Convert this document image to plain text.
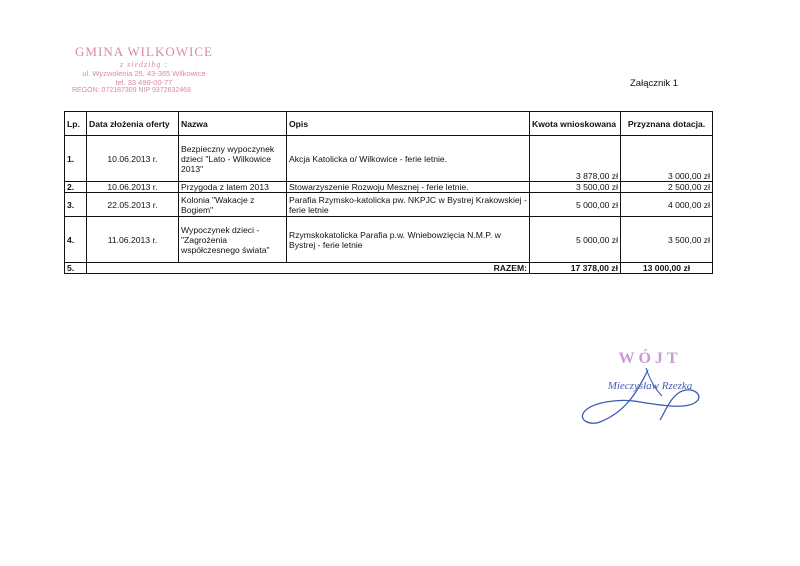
GMINA WILKOWICE
z siedzibą :
ul. Wyzwolenia 25, 43-365 Wilkowice
tel. 33 499-00-77
REGON: 072187309 NIP 9372632468
Załącznik 1
Lp.	Data złożenia oferty	Nazwa	Opis	Kwota wnioskowana	Przyznana dotacja.
1.	10.06.2013 r.	Bezpieczny wypoczynek dzieci "Lato - Wilkowice 2013"	Akcja Katolicka o/ Wilkowice - ferie letnie.	3 878,00 zł	3 000,00 zł
2.	10.06.2013 r.	Przygoda z latem 2013	Stowarzyszenie Rozwoju Mesznej - ferie letnie.	3 500,00 zł	2 500,00 zł
3.	22.05.2013 r.	Kolonia "Wakacje z Bogiem"	Parafia Rzymsko-katolicka pw. NKPJC w Bystrej Krakowskiej - ferie letnie	5 000,00 zł	4 000,00 zł
4.	11.06.2013 r.	Wypoczynek dzieci - "Zagrożenia współczesnego świata"	Rzymskokatolicka Parafia p.w. Wniebowzięcia N.M.P. w Bystrej - ferie letnie	5 000,00 zł	3 500,00 zł
5.	RAZEM:			17 378,00 zł	13 000,00 zł
WÓJT
Mieczysław Rzezka
